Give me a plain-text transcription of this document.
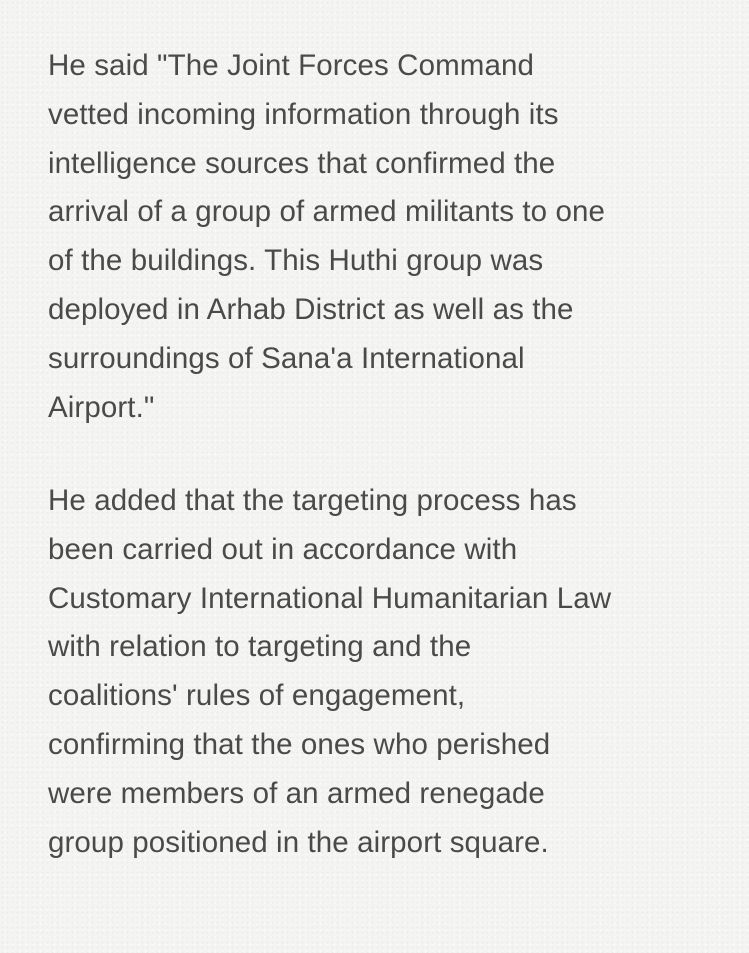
He said "The Joint Forces Command
vetted incoming information through its
intelligence sources that confirmed the
arrival of a group of armed militants to one
of the buildings. This Huthi group was
deployed in Arhab District as well as the
surroundings of Sana'a International
Airport."

He added that the targeting process has
been carried out in accordance with
Customary International Humanitarian Law
with relation to targeting and the
coalitions' rules of engagement,
confirming that the ones who perished
were members of an armed renegade
group positioned in the airport square.
